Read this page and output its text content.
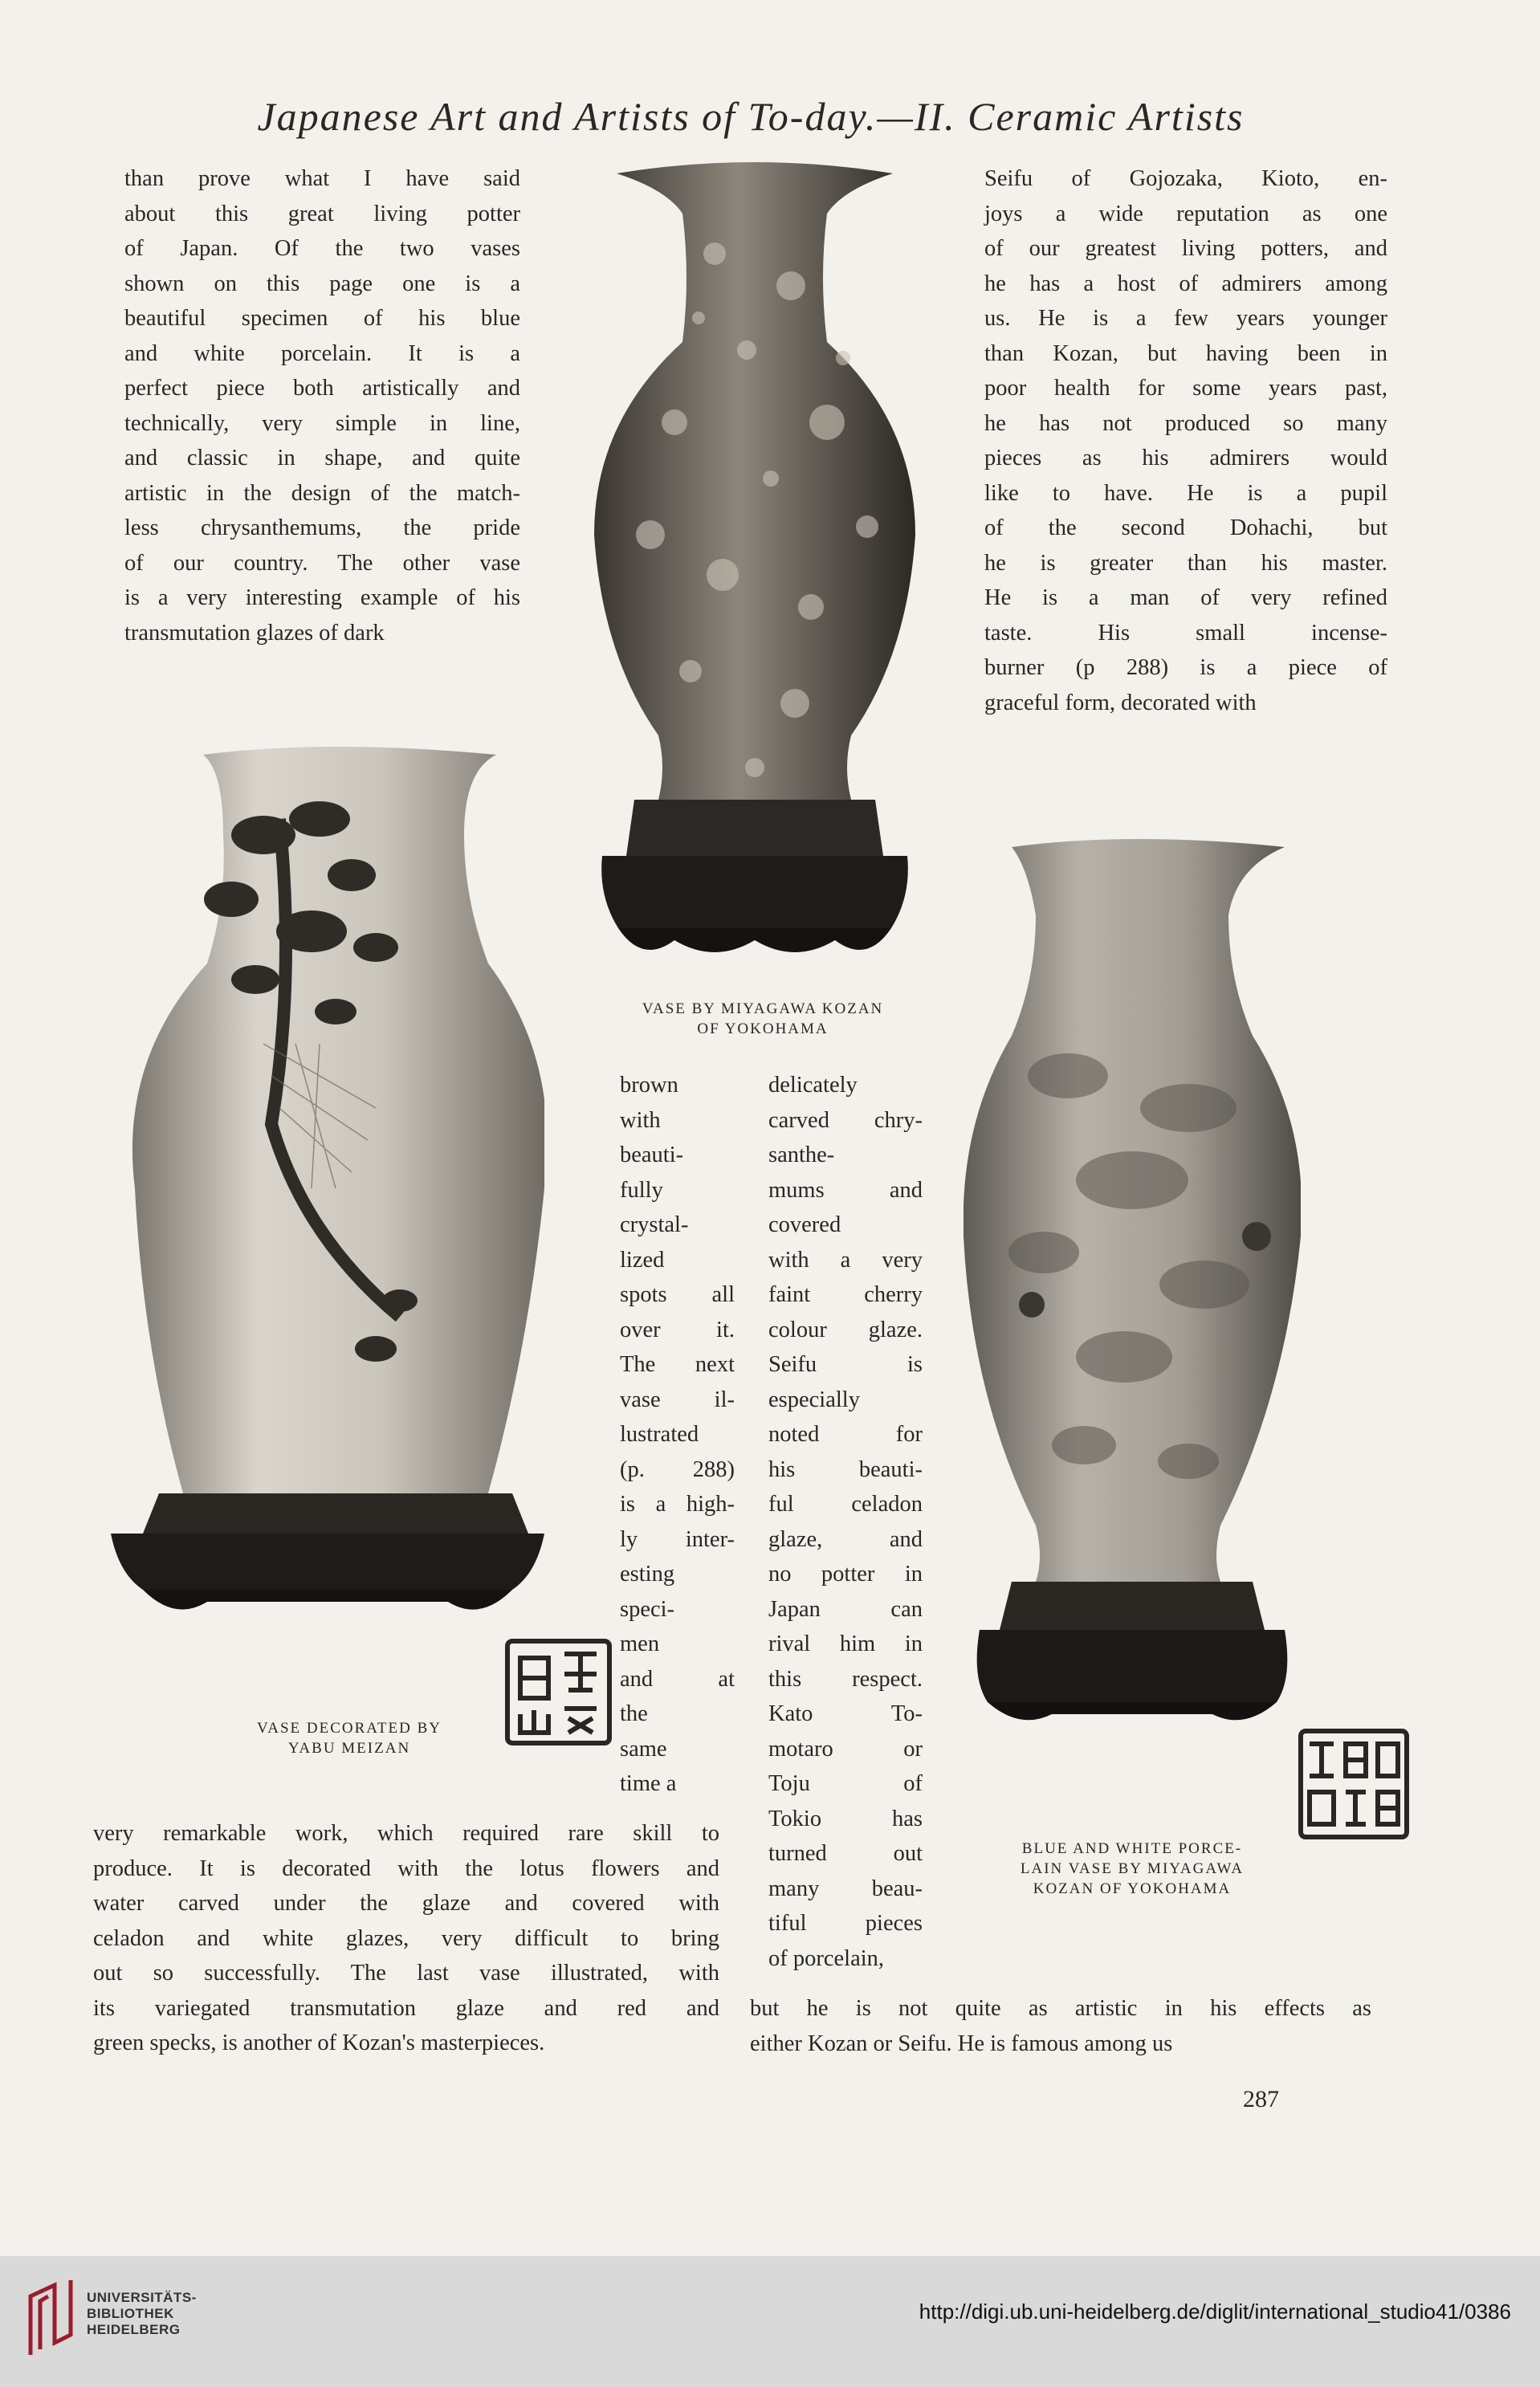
Japanese Art and Artists of To-day.—II. Ceramic Artists
than prove what I have said
about this great living potter
of Japan. Of the two vases
shown on this page one is a
beautiful specimen of his blue
and white porcelain. It is a
perfect piece both artistically and
technically, very simple in line,
and classic in shape, and quite
artistic in the design of the match-
less chrysanthemums, the pride
of our country. The other vase
is a very interesting example of his
transmutation glazes of dark
Seifu of Gojozaka, Kioto, en-
joys a wide reputation as one
of our greatest living potters, and
he has a host of admirers among
us. He is a few years younger
than Kozan, but having been in
poor health for some years past,
he has not produced so many
pieces as his admirers would
like to have. He is a pupil
of the second Dohachi, but
he is greater than his master.
He is a man of very refined
taste. His small incense-
burner (p 288) is a piece of
graceful form, decorated with
brown
with
beauti-
fully
crystal-
lized
spots all
over it.
The next
vase il-
lustrated
(p. 288)
is a high-
ly inter-
esting
speci-
men
and at
the
same
time a
delicately
carved chry-
santhe-
mums and
covered
with a very
faint cherry
colour glaze.
Seifu is
especially
noted for
his beauti-
ful celadon
glaze, and
no potter in
Japan can
rival him in
this respect.
Kato To-
motaro or
Toju of
Tokio has
turned out
many beau-
tiful pieces
of porcelain,
very remarkable work, which required rare skill to
produce. It is decorated with the lotus flowers and
water carved under the glaze and covered with
celadon and white glazes, very difficult to bring
out so successfully. The last vase illustrated, with
its variegated transmutation glaze and red and
green specks, is another of Kozan's masterpieces.
but he is not quite as artistic in his effects as
either Kozan or Seifu. He is famous among us
VASE BY MIYAGAWA KOZAN
OF YOKOHAMA
VASE DECORATED BY
YABU MEIZAN
BLUE AND WHITE PORCE-
LAIN VASE BY MIYAGAWA
KOZAN OF YOKOHAMA
287
UNIVERSITÄTS-
BIBLIOTHEK
HEIDELBERG
http://digi.ub.uni-heidelberg.de/diglit/international_studio41/0386
